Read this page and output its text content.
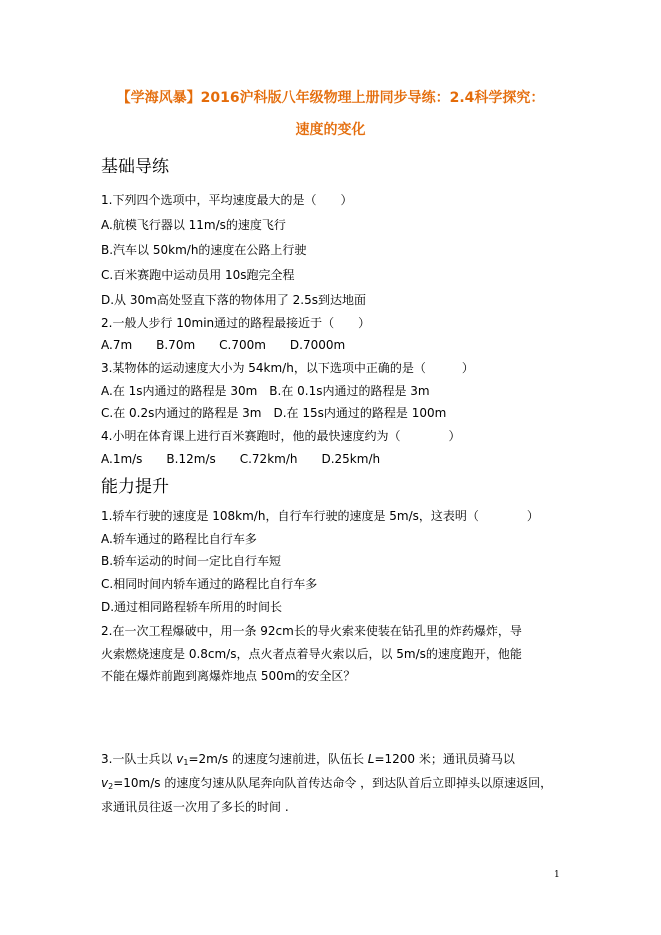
【学海风暴】2016沪科版八年级物理上册同步导练：2.4科学探究：
速度的变化
基础导练
1.下列四个选项中，平均速度最大的是（　　）
A.航模飞行器以 11m/s的速度飞行
B.汽车以 50km/h的速度在公路上行驶
C.百米赛跑中运动员用 10s跑完全程
D.从 30m高处竖直下落的物体用了 2.5s到达地面
2.一般人步行 10min通过的路程最接近于（　　）
A.7m　　B.70m　　C.700m　　D.7000m
3.某物体的运动速度大小为 54km/h，以下选项中正确的是（　　　）
A.在 1s内通过的路程是 30m　B.在 0.1s内通过的路程是 3m
C.在 0.2s内通过的路程是 3m　D.在 15s内通过的路程是 100m
4.小明在体育课上进行百米赛跑时，他的最快速度约为（　　　　）
A.1m/s　　B.12m/s　　C.72km/h　　D.25km/h
能力提升
1.轿车行驶的速度是 108km/h，自行车行驶的速度是 5m/s，这表明（　　　　）
A.轿车通过的路程比自行车多
B.轿车运动的时间一定比自行车短
C.相同时间内轿车通过的路程比自行车多
D.通过相同路程轿车所用的时间长
2.在一次工程爆破中，用一条 92cm长的导火索来使装在钻孔里的炸药爆炸，导
火索燃烧速度是 0.8cm/s，点火者点着导火索以后，以 5m/s的速度跑开，他能
不能在爆炸前跑到离爆炸地点 500m的安全区？
3.一队士兵以 $v_1=2m/s$ 的速度匀速前进，队伍长 L=1200 米；通讯员骑马以
$v_2=10m/s$ 的速度匀速从队尾奔向队首传达命令 ，到达队首后立即掉头以原速返回，
求通讯员往返一次用了多长的时间 .
1
